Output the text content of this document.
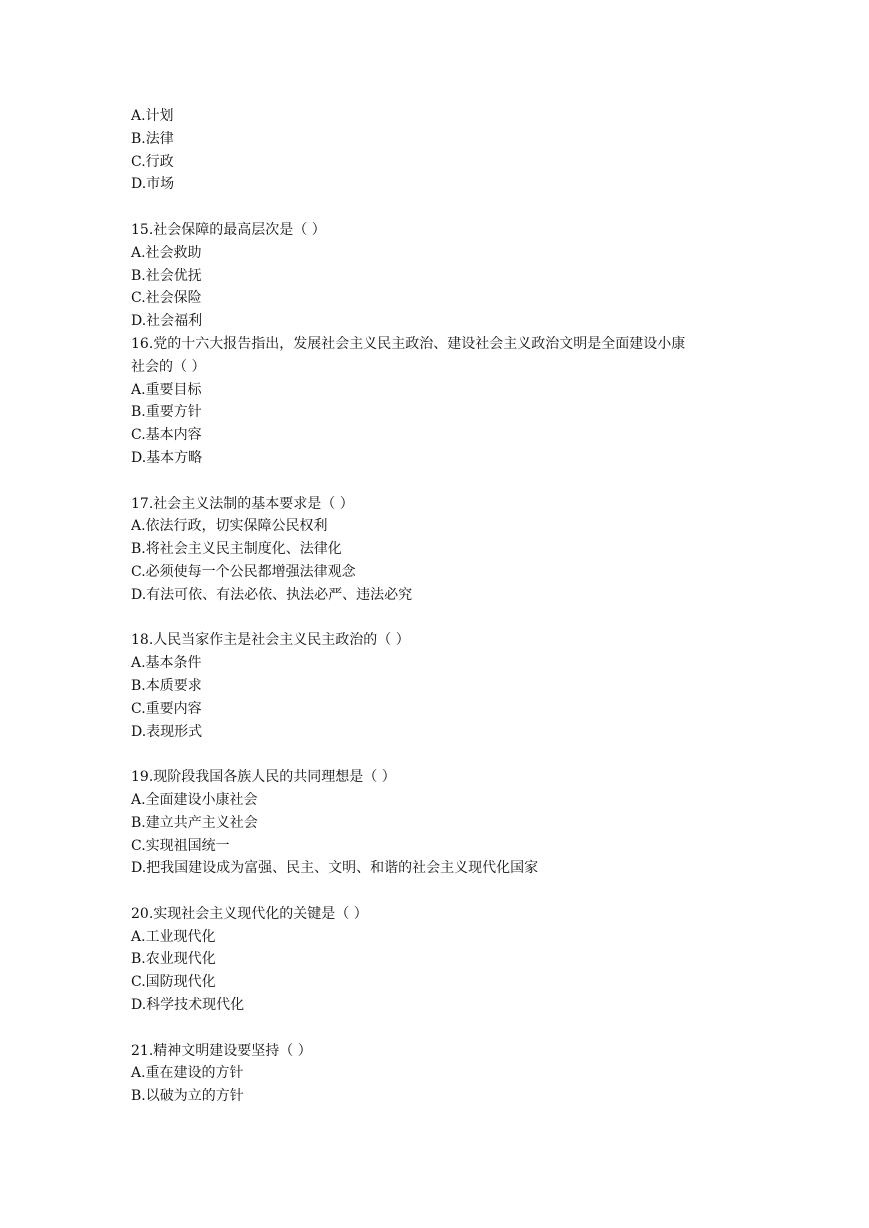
A.计划
B.法律
C.行政
D.市场
15.社会保障的最高层次是（ ）
A.社会救助
B.社会优抚
C.社会保险
D.社会福利
16.党的十六大报告指出，发展社会主义民主政治、建设社会主义政治文明是全面建设小康
社会的（ ）
A.重要目标
B.重要方针
C.基本内容
D.基本方略
17.社会主义法制的基本要求是（ ）
A.依法行政，切实保障公民权利
B.将社会主义民主制度化、法律化
C.必须使每一个公民都增强法律观念
D.有法可依、有法必依、执法必严、违法必究
18.人民当家作主是社会主义民主政治的（ ）
A.基本条件
B.本质要求
C.重要内容
D.表现形式
19.现阶段我国各族人民的共同理想是（ ）
A.全面建设小康社会
B.建立共产主义社会
C.实现祖国统一
D.把我国建设成为富强、民主、文明、和谐的社会主义现代化国家
20.实现社会主义现代化的关键是（ ）
A.工业现代化
B.农业现代化
C.国防现代化
D.科学技术现代化
21.精神文明建设要坚持（ ）
A.重在建设的方针
B.以破为立的方针
